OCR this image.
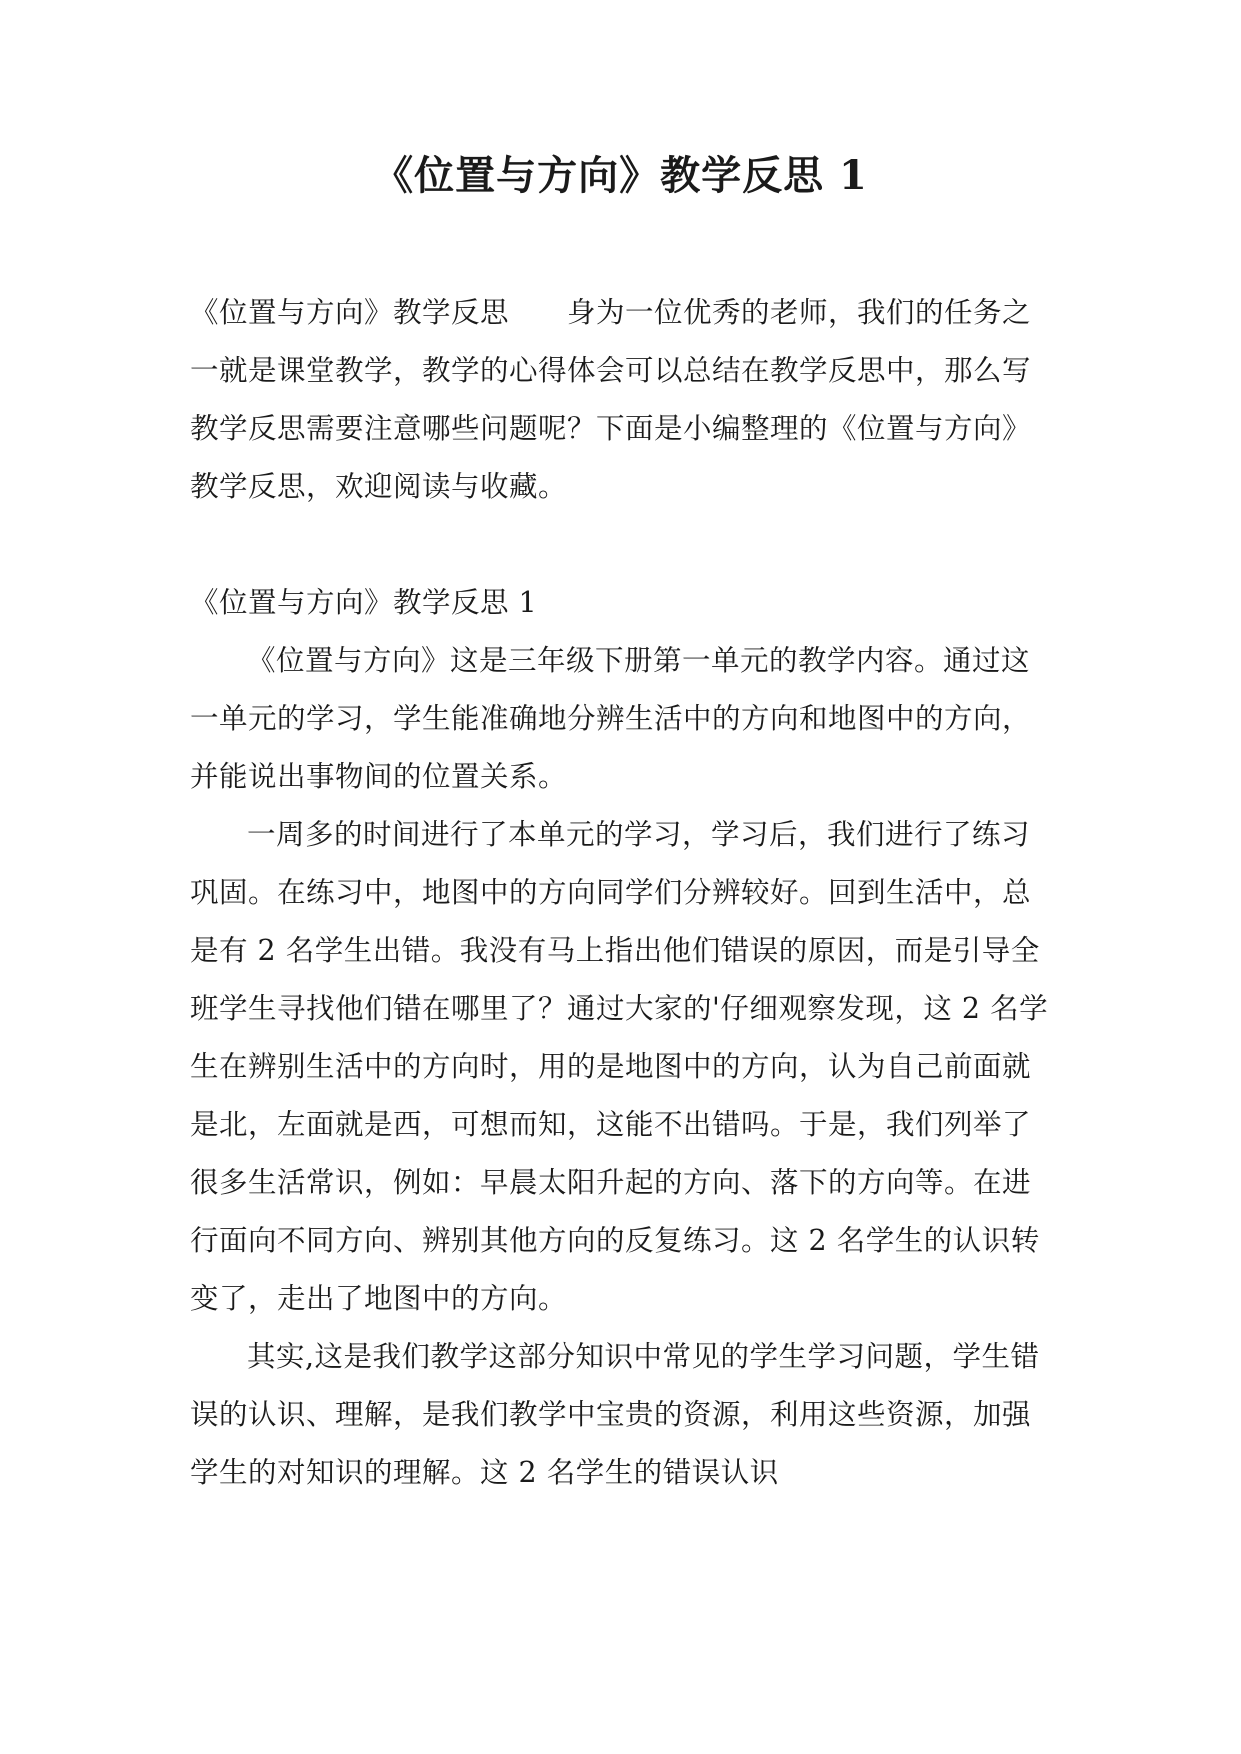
《位置与方向》教学反思 1

《位置与方向》教学反思　　身为一位优秀的老师，我们的任务之一就是课堂教学，教学的心得体会可以总结在教学反思中，那么写教学反思需要注意哪些问题呢？下面是小编整理的《位置与方向》教学反思，欢迎阅读与收藏。

《位置与方向》教学反思 1

《位置与方向》这是三年级下册第一单元的教学内容。通过这一单元的学习，学生能准确地分辨生活中的方向和地图中的方向，并能说出事物间的位置关系。

一周多的时间进行了本单元的学习，学习后，我们进行了练习巩固。在练习中，地图中的方向同学们分辨较好。回到生活中，总是有 2 名学生出错。我没有马上指出他们错误的原因，而是引导全班学生寻找他们错在哪里了？通过大家的'仔细观察发现，这 2 名学生在辨别生活中的方向时，用的是地图中的方向，认为自己前面就是北，左面就是西，可想而知，这能不出错吗。于是，我们列举了很多生活常识，例如：早晨太阳升起的方向、落下的方向等。在进行面向不同方向、辨别其他方向的反复练习。这 2 名学生的认识转变了，走出了地图中的方向。

其实,这是我们教学这部分知识中常见的学生学习问题，学生错误的认识、理解，是我们教学中宝贵的资源，利用这些资源，加强学生的对知识的理解。这 2 名学生的错误认识
